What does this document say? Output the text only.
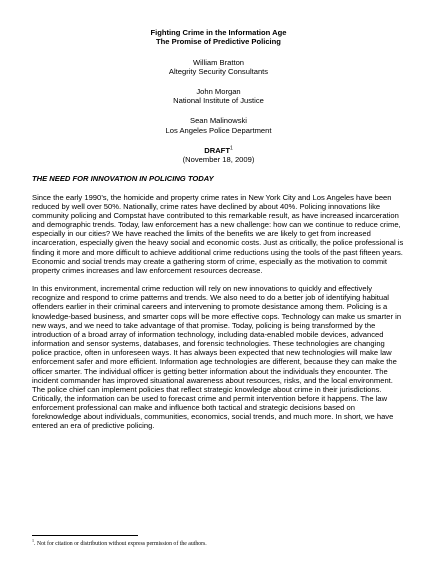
Fighting Crime in the Information Age
The Promise of Predictive Policing
William Bratton
Altegrity Security Consultants
John Morgan
National Institute of Justice
Sean Malinowski
Los Angeles Police Department
DRAFT$^1$
(November 18, 2009)
THE NEED FOR INNOVATION IN POLICING TODAY

Since the early 1990’s, the homicide and property crime rates in New York City and Los Angeles have been reduced by well over 50%. Nationally, crime rates have declined by about 40%. Policing innovations like community policing and Compstat have contributed to this remarkable result, as have increased incarceration and demographic trends. Today, law enforcement has a new challenge: how can we continue to reduce crime, especially in our cities? We have reached the limits of the benefits we are likely to get from increased incarceration, especially given the heavy social and economic costs. Just as critically, the police professional is finding it more and more difficult to achieve additional crime reductions using the tools of the past fifteen years. Economic and social trends may create a gathering storm of crime, especially as the motivation to commit property crimes increases and law enforcement resources decrease.

In this environment, incremental crime reduction will rely on new innovations to quickly and effectively recognize and respond to crime patterns and trends. We also need to do a better job of identifying habitual offenders earlier in their criminal careers and intervening to promote desistance among them. Policing is a knowledge-based business, and smarter cops will be more effective cops. Technology can make us smarter in new ways, and we need to take advantage of that promise. Today, policing is being transformed by the introduction of a broad array of information technology, including data-enabled mobile devices, advanced information and sensor systems, databases, and forensic technologies. These technologies are changing police practice, often in unforeseen ways. It has always been expected that new technologies will make law enforcement safer and more efficient. Information age technologies are different, because they can make the officer smarter. The individual officer is getting better information about the individuals they encounter. The incident commander has improved situational awareness about resources, risks, and the local environment. The police chief can implement policies that reflect strategic knowledge about crime in their jurisdictions. Critically, the information can be used to forecast crime and permit intervention before it happens. The law enforcement professional can make and influence both tactical and strategic decisions based on foreknowledge about individuals, communities, economics, social trends, and much more. In short, we have entered an era of predictive policing.

$^1$. Not for citation or distribution without express permission of the authors.
